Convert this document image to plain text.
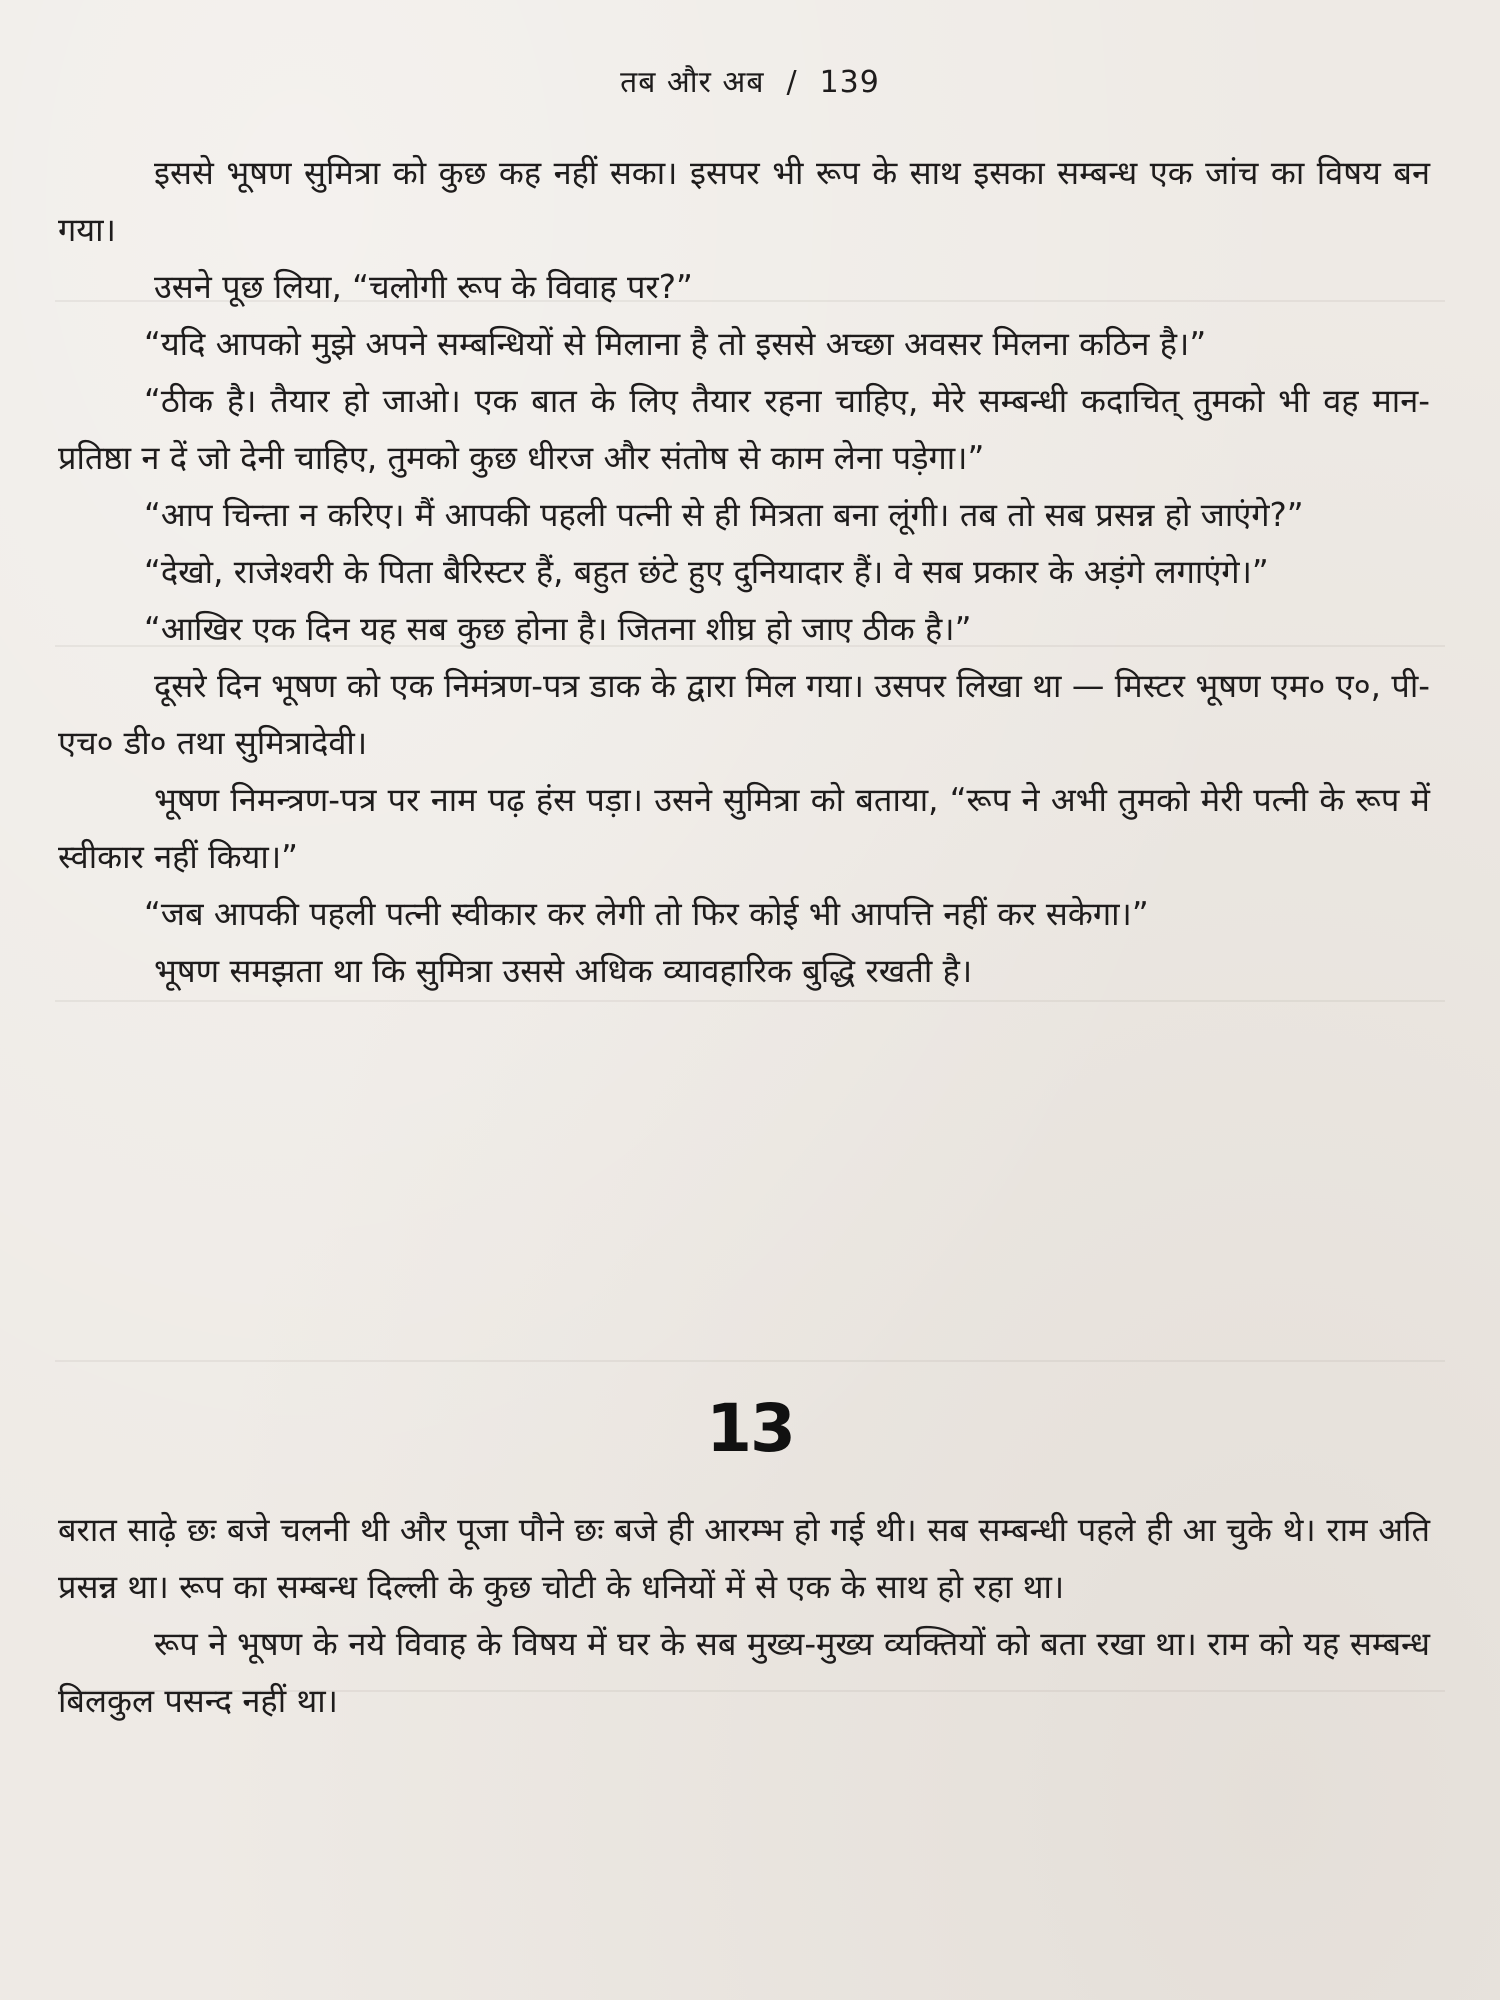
तब और अब / 139

इससे भूषण सुमित्रा को कुछ कह नहीं सका। इसपर भी रूप के साथ इसका सम्बन्ध एक जांच का विषय बन गया।

उसने पूछ लिया, “चलोगी रूप के विवाह पर?”

“यदि आपको मुझे अपने सम्बन्धियों से मिलाना है तो इससे अच्छा अवसर मिलना कठिन है।”

“ठीक है। तैयार हो जाओ। एक बात के लिए तैयार रहना चाहिए, मेरे सम्बन्धी कदाचित् तुमको भी वह मान-प्रतिष्ठा न दें जो देनी चाहिए, तुमको कुछ धीरज और संतोष से काम लेना पड़ेगा।”

“आप चिन्ता न करिए। मैं आपकी पहली पत्नी से ही मित्रता बना लूंगी। तब तो सब प्रसन्न हो जाएंगे?”

“देखो, राजेश्वरी के पिता बैरिस्टर हैं, बहुत छंटे हुए दुनियादार हैं। वे सब प्रकार के अड़ंगे लगाएंगे।”

“आखिर एक दिन यह सब कुछ होना है। जितना शीघ्र हो जाए ठीक है।”

दूसरे दिन भूषण को एक निमंत्रण-पत्र डाक के द्वारा मिल गया। उसपर लिखा था — मिस्टर भूषण एम० ए०, पी-एच० डी० तथा सुमित्रादेवी।

भूषण निमन्त्रण-पत्र पर नाम पढ़ हंस पड़ा। उसने सुमित्रा को बताया, “रूप ने अभी तुमको मेरी पत्नी के रूप में स्वीकार नहीं किया।”

“जब आपकी पहली पत्नी स्वीकार कर लेगी तो फिर कोई भी आपत्ति नहीं कर सकेगा।”

भूषण समझता था कि सुमित्रा उससे अधिक व्यावहारिक बुद्धि रखती है।

13

बरात साढ़े छः बजे चलनी थी और पूजा पौने छः बजे ही आरम्भ हो गई थी। सब सम्बन्धी पहले ही आ चुके थे। राम अति प्रसन्न था। रूप का सम्बन्ध दिल्ली के कुछ चोटी के धनियों में से एक के साथ हो रहा था।

रूप ने भूषण के नये विवाह के विषय में घर के सब मुख्य-मुख्य व्यक्तियों को बता रखा था। राम को यह सम्बन्ध बिलकुल पसन्द नहीं था।
